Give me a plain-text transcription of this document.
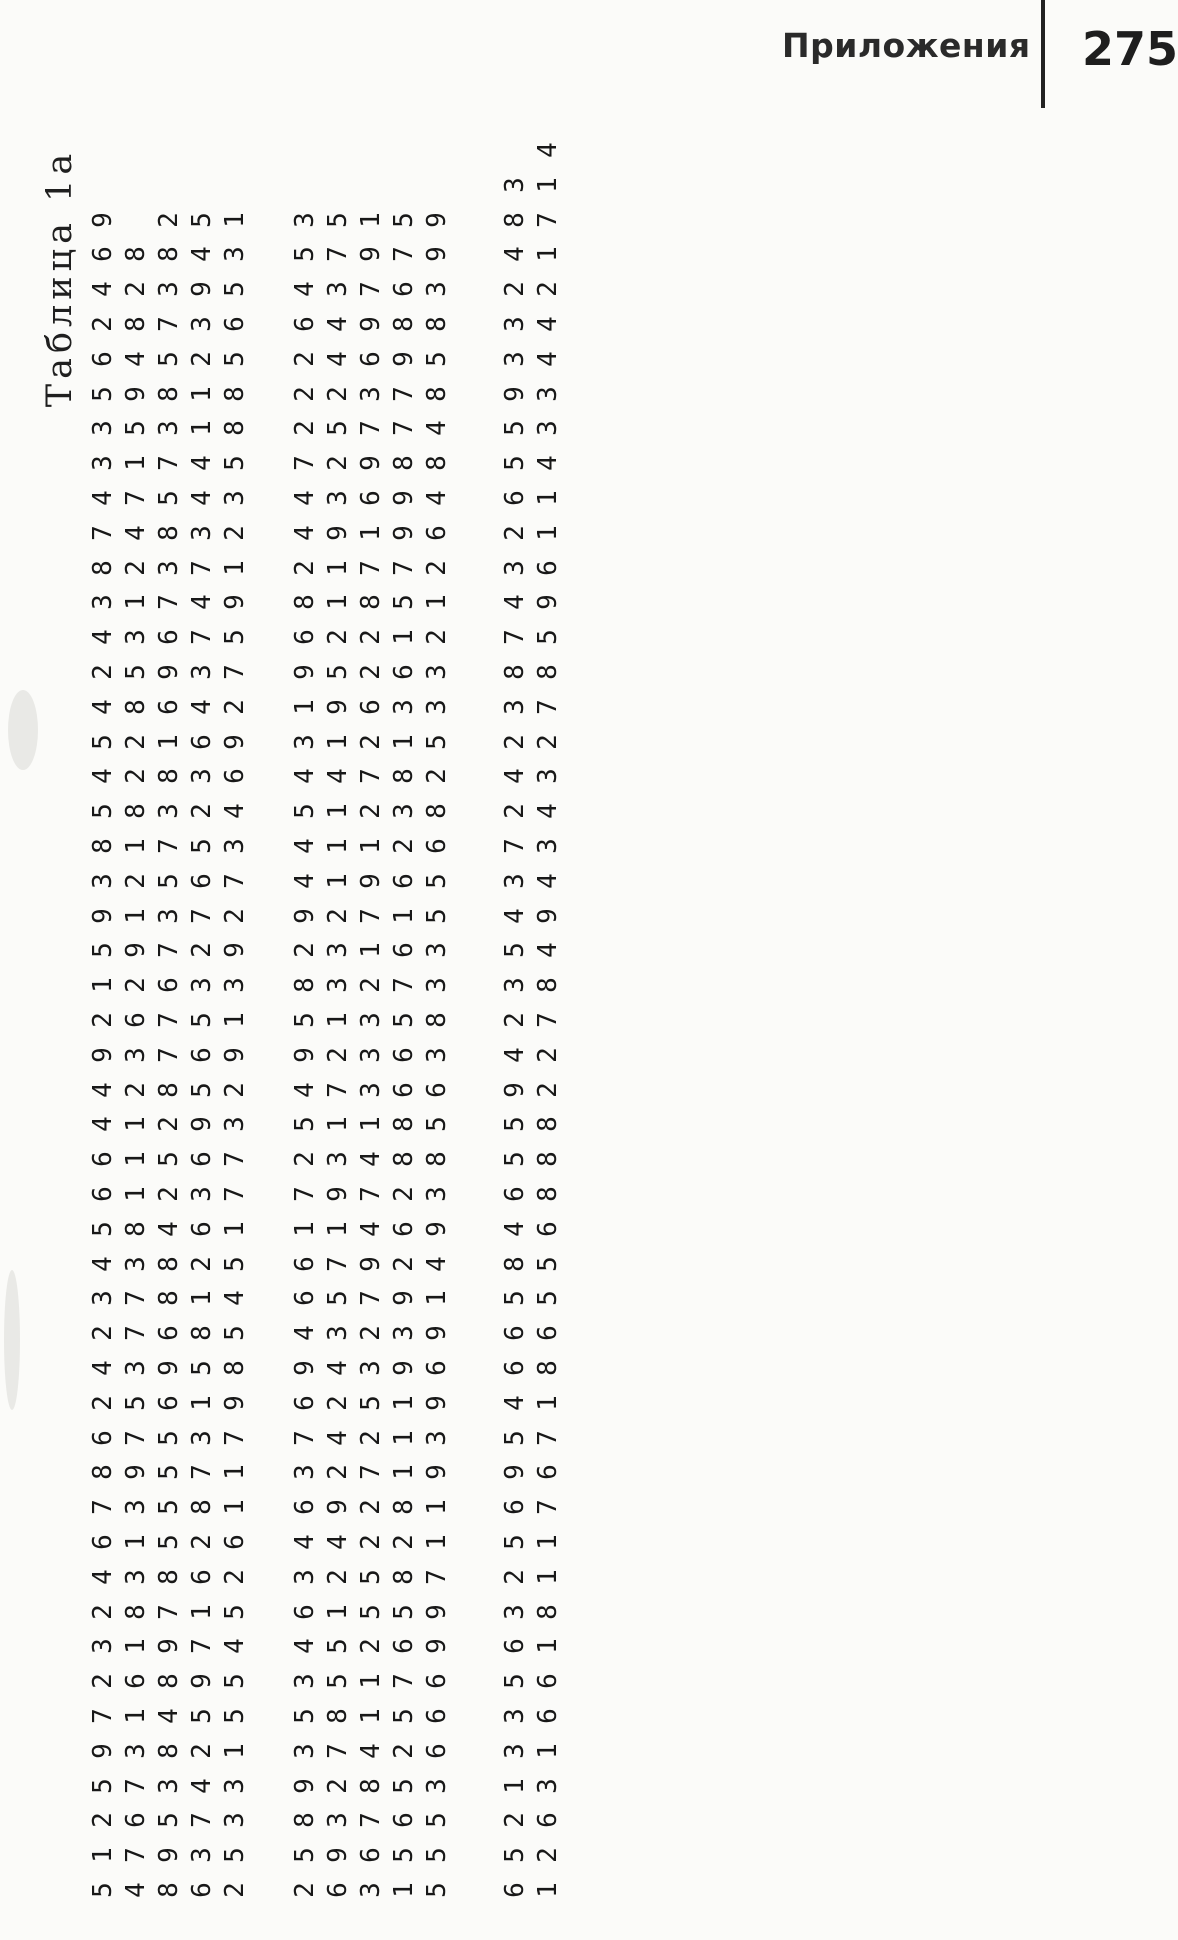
Приложения 275
Таблица 1а
5
1
2
5
9
7
2
3
2
4
6
7
8
6
2
4
2
3
4
5
6
6
4
4
9
2
1
5
9
3
8
5
4
5
4
2
4
3
8
7
4
3
3
5
6
2
4
6
9
4
7
6
7
3
1
6
1
8
3
1
3
9
7
5
3
7
7
3
8
1
1
1
2
3
6
2
9
1
2
1
8
2
2
8
5
3
1
2
4
7
1
5
9
4
8
2
8
8
9
5
3
8
4
8
9
7
8
5
5
5
5
6
9
6
8
8
4
2
5
2
8
7
7
6
7
3
5
7
3
8
1
6
9
6
7
3
8
5
7
3
8
5
7
3
8
2
6
3
7
4
2
5
9
7
1
6
2
8
7
3
1
5
8
1
2
6
3
6
9
5
6
5
3
2
7
6
5
2
3
6
4
3
7
4
7
3
4
4
1
1
2
3
9
4
5
2
5
3
3
1
5
5
4
5
2
6
1
1
7
9
8
5
4
5
1
7
7
3
2
9
1
3
9
2
7
3
4
6
9
2
7
5
9
1
2
3
5
8
8
5
6
5
3
1
2
5
8
9
3
5
3
4
6
3
4
6
3
7
6
9
4
6
6
1
7
2
5
4
9
5
8
2
9
4
4
5
4
3
1
9
6
8
2
4
4
7
2
2
2
6
4
5
3
6
9
3
2
7
8
5
5
1
2
4
9
2
4
2
4
3
5
7
1
9
3
1
7
2
1
3
3
2
1
1
1
4
1
9
5
2
1
1
9
3
2
5
2
4
4
3
7
5
3
6
7
8
4
1
1
2
5
5
2
2
7
2
5
3
2
7
9
4
7
4
1
3
3
3
2
1
7
9
1
2
7
2
6
2
2
8
7
1
6
9
7
3
6
9
7
9
1
1
5
6
5
2
5
7
6
5
8
2
8
1
1
1
9
3
9
2
6
2
8
8
6
6
5
7
6
1
6
2
3
8
1
3
6
1
5
7
9
9
8
7
7
9
8
6
7
5
5
5
5
3
6
6
6
9
9
7
1
1
9
3
9
6
9
1
4
9
3
8
5
6
3
8
3
3
5
5
6
8
2
5
3
3
2
1
2
6
4
8
4
8
5
8
3
9
9
6
5
2
1
3
3
5
6
3
2
5
6
9
5
4
6
6
5
8
4
6
5
5
9
4
2
3
5
4
3
7
2
4
2
3
8
7
4
3
2
6
5
5
9
3
3
2
4
8
3
1
2
6
3
1
6
6
1
8
1
1
7
6
7
1
8
6
5
5
6
8
8
8
2
2
7
8
4
9
4
3
4
3
2
7
8
5
9
6
1
1
4
3
3
4
4
2
1
7
1
4
